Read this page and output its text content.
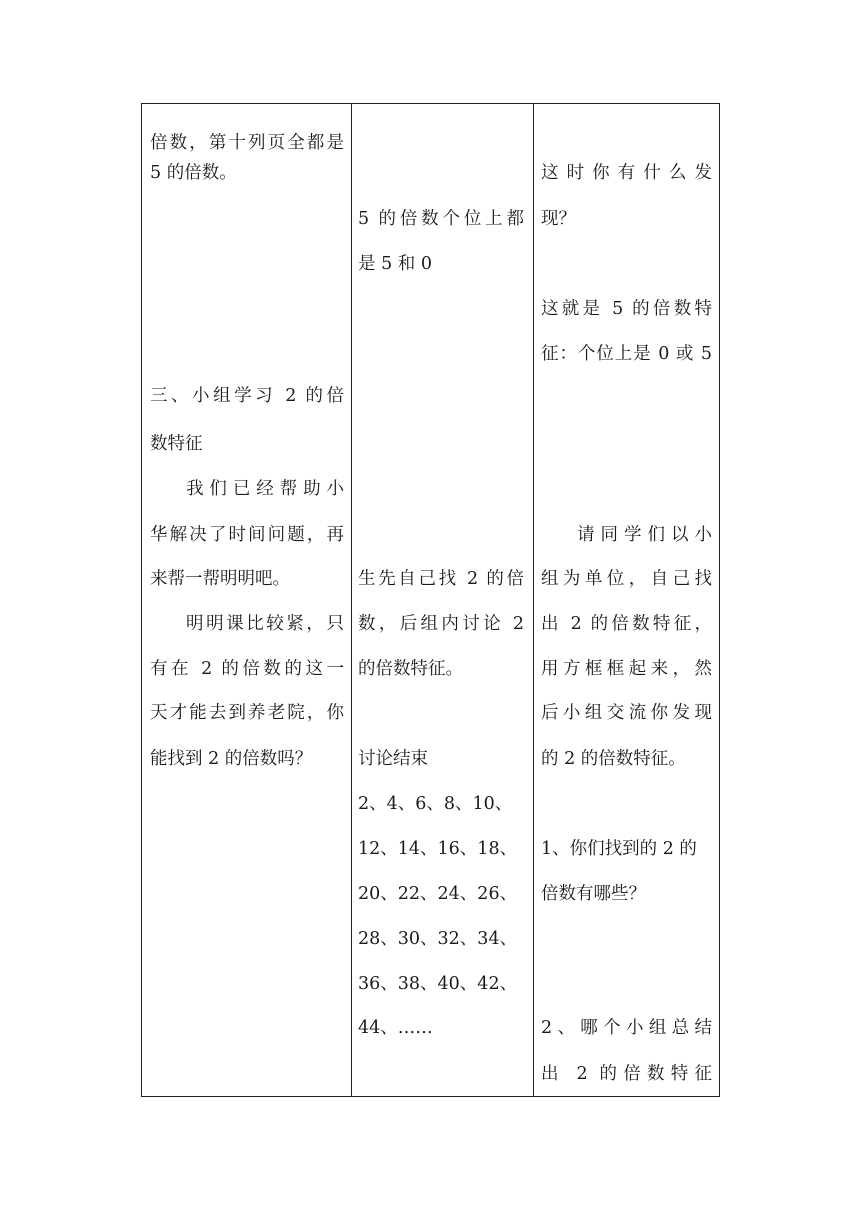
倍数，第十列页全都是
5 的倍数。
三、小组学习 2 的倍
数特征
我们已经帮助小
华解决了时间问题，再
来帮一帮明明吧。
明明课比较紧，只
有在 2 的倍数的这一
天才能去到养老院，你
能找到 2 的倍数吗？
5 的倍数个位上都
是 5 和 0
生先自己找 2 的倍
数，后组内讨论 2
的倍数特征。
讨论结束
2、4、6、8、10、
12、14、16、18、
20、22、24、26、
28、30、32、34、
36、38、40、42、
44、……
这时你有什么发
现？
这就是 5 的倍数特
征：个位上是 0 或 5
请同学们以小
组为单位，自己找
出 2 的倍数特征，
用方框框起来，然
后小组交流你发现
的 2 的倍数特征。
1、你们找到的 2 的
倍数有哪些？
2、哪个小组总结
出 2 的倍数特征
